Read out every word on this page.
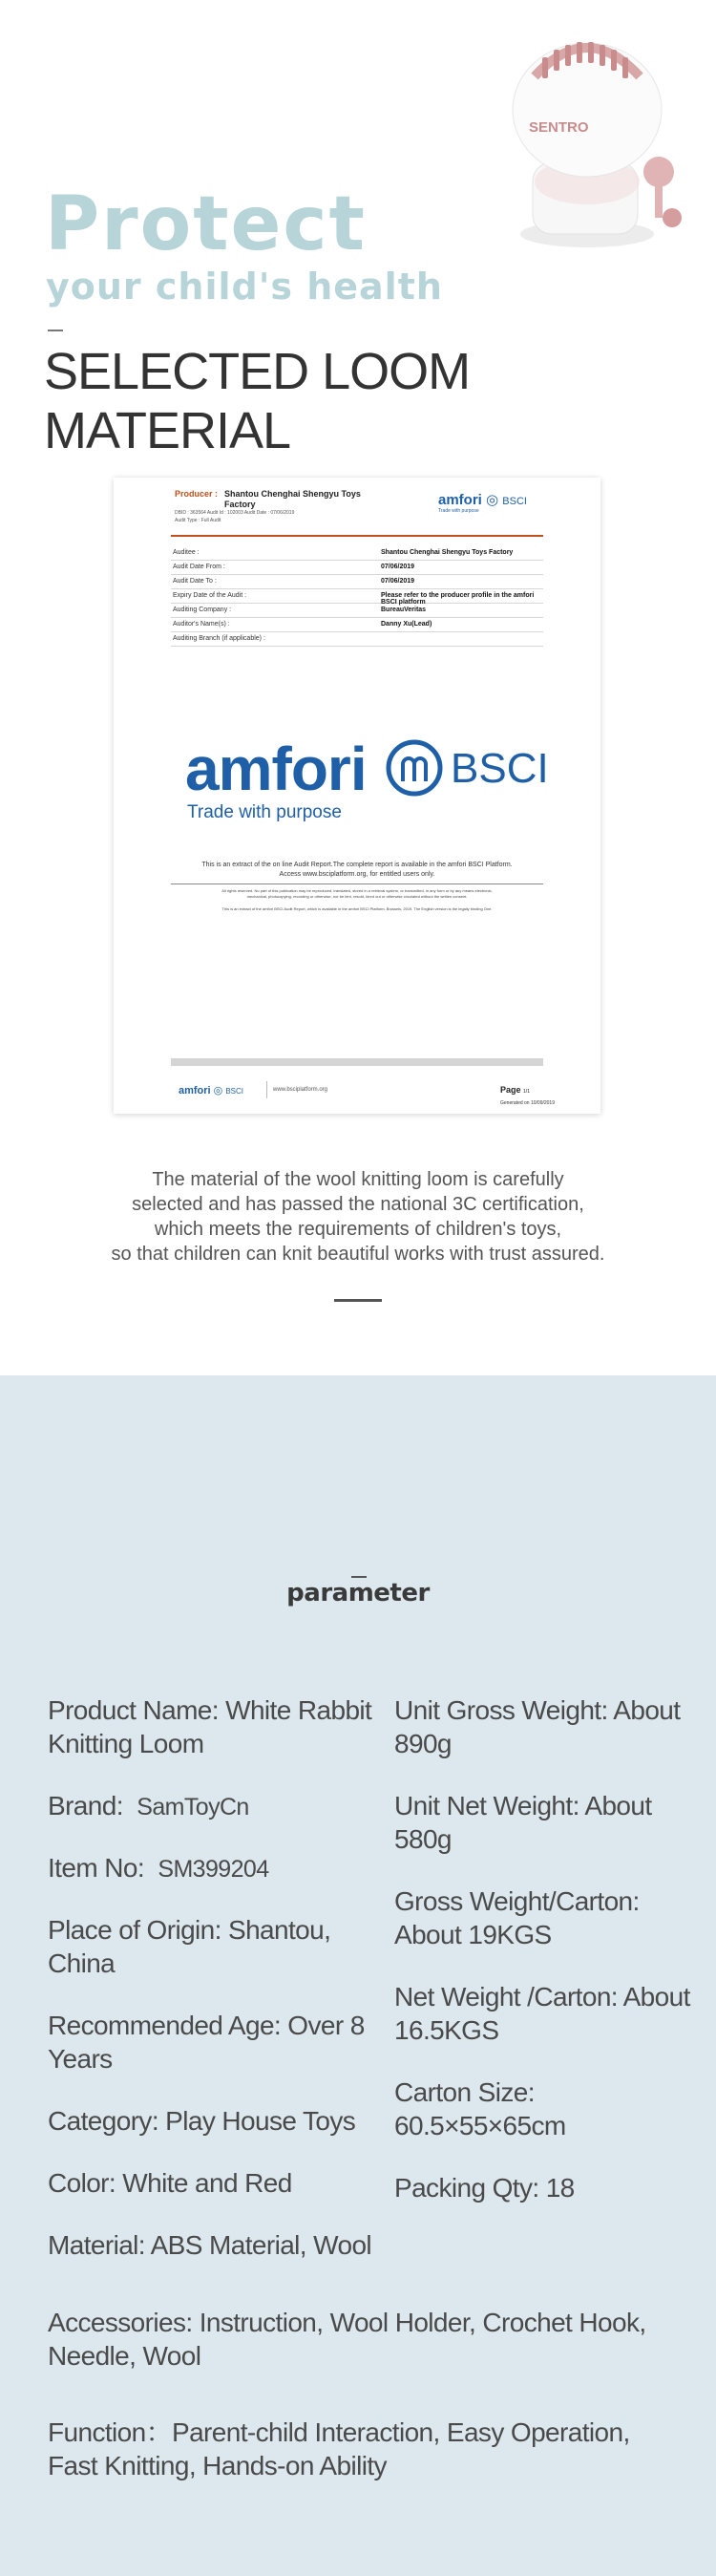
SENTRO
Protect
your child's health
SELECTED LOOM MATERIAL
Producer : Shantou Chenghai Shengyu Toys Factory
DBID : 363564 Audit Id : 102003 Audit Date : 07/06/2019
Audit Type : Full Audit
amfori ◎ BSCI
Trade with purpose
Auditee :	Shantou Chenghai Shengyu Toys Factory
Audit Date From :	07/06/2019
Audit Date To :	07/06/2019
Expiry Date of the Audit :	Please refer to the producer profile in the amfori BSCI platform
Auditing Company :	BureauVeritas
Auditor's Name(s) :	Danny Xu(Lead)
Auditing Branch (if applicable) :
amfori BSCI
Trade with purpose
This is an extract of the on line Audit Report.The complete report is available in the amfori BSCI Platform.
Access www.bsciplatform.org, for entitled users only.
All rights reserved. No part of this publication may be reproduced, translated, stored in a retrieval system, or transmitted, in any form or by any means electronic,
mechanical, photocopying, recording or otherwise, nor be lent, resold, hired out or otherwise circulated without the written consent.
This is an extract of the amfori BSCI Audit Report, which is available in the amfori BSCI Platform. Brussels, 2019. The English version is the legally binding One.
amfori ◎ BSCI	www.bsciplatform.org	Page 1/1
Generated on 10/09/2019
The material of the wool knitting loom is carefully
selected and has passed the national 3C certification,
which meets the requirements of children's toys,
so that children can knit beautiful works with trust assured.
parameter
Product Name: White Rabbit Knitting Loom
Brand: SamToyCn
Item No: SM399204
Place of Origin: Shantou, China
Recommended Age: Over 8 Years
Category: Play House Toys
Color: White and Red
Material: ABS Material, Wool
Unit Gross Weight: About 890g
Unit Net Weight: About 580g
Gross Weight/Carton: About 19KGS
Net Weight /Carton: About 16.5KGS
Carton Size: 60.5×55×65cm
Packing Qty: 18
Accessories: Instruction, Wool Holder, Crochet Hook, Needle, Wool
Function：Parent-child Interaction, Easy Operation, Fast Knitting, Hands-on Ability
